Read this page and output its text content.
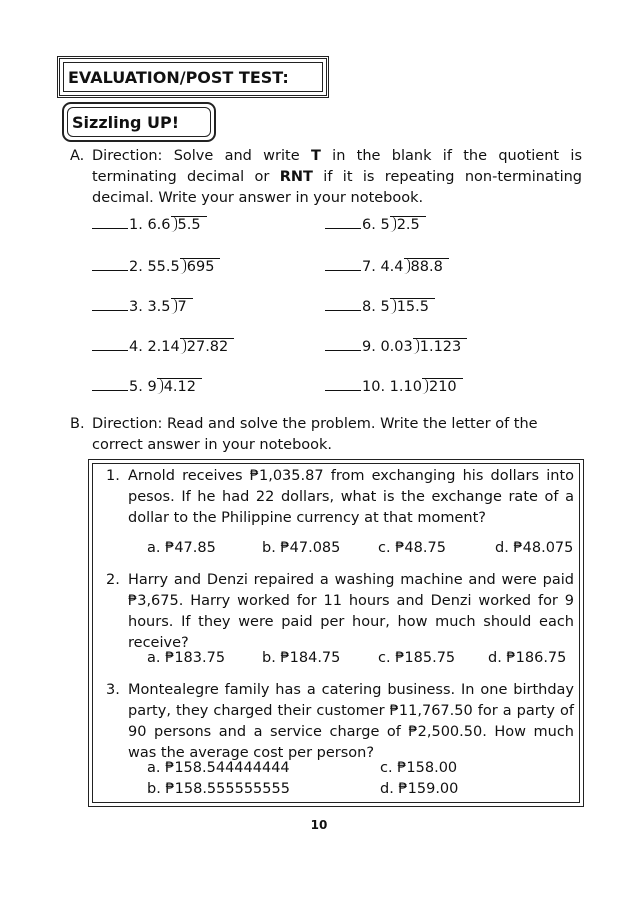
EVALUATION/POST TEST:
Sizzling UP!
A. Direction: Solve and write T in the blank if the quotient is terminating decimal or RNT if it is repeating non-terminating decimal. Write your answer in your notebook.
1. 6.6 5.5
2. 55.5 695
3. 3.5 7
4. 2.14 27.82
5. 9 4.12
6. 5 2.5
7. 4.4 88.8
8. 5 15.5
9. 0.03 1.123
10. 1.10 210
B. Direction: Read and solve the problem. Write the letter of the correct answer in your notebook.
1. Arnold receives ₱1,035.87 from exchanging his dollars into pesos. If he had 22 dollars, what is the exchange rate of a dollar to the Philippine currency at that moment?
a. ₱47.85	b. ₱47.085	c. ₱48.75	d. ₱48.075
2. Harry and Denzi repaired a washing machine and were paid ₱3,675. Harry worked for 11 hours and Denzi worked for 9 hours. If they were paid per hour, how much should each receive?
a. ₱183.75	b. ₱184.75	c. ₱185.75 d. ₱186.75
3. Montealegre family has a catering business. In one birthday party, they charged their customer ₱11,767.50 for a party of 90 persons and a service charge of ₱2,500.50. How much was the average cost per person?
a. ₱158.544444444	c. ₱158.00
b. ₱158.555555555	d. ₱159.00
10
